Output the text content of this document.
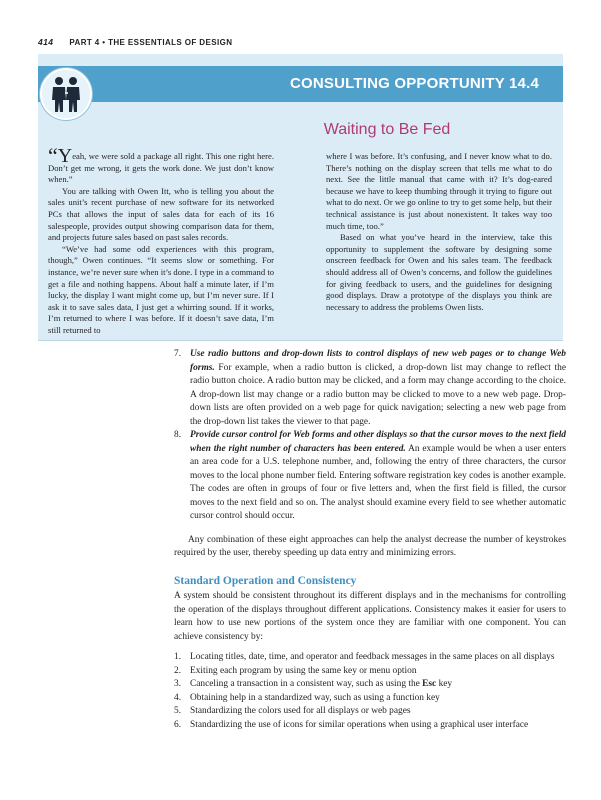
414 PART 4 • THE ESSENTIALS OF DESIGN
CONSULTING OPPORTUNITY 14.4
Waiting to Be Fed

“Yeah, we were sold a package all right. This one right here. Don’t get me wrong, it gets the work done. We just don’t know when.”

You are talking with Owen Itt, who is telling you about the sales unit’s recent purchase of new software for its networked PCs that allows the input of sales data for each of its 16 salespeople, provides output showing comparison data for them, and projects future sales based on past sales records.

“We’ve had some odd experiences with this program, though,” Owen continues. “It seems slow or something. For instance, we’re never sure when it’s done. I type in a command to get a file and nothing happens. About half a minute later, if I’m lucky, the display I want might come up, but I’m never sure. If I ask it to save sales data, I just get a whirring sound. If it works, I’m returned to where I was before. If it doesn’t save data, I’m still returned to

where I was before. It’s confusing, and I never know what to do. There’s nothing on the display screen that tells me what to do next. See the little manual that came with it? It’s dog-eared because we have to keep thumbing through it trying to figure out what to do next. Or we go online to try to get some help, but their technical assistance is just about nonexistent. It takes way too much time, too.”

Based on what you’ve heard in the interview, take this opportunity to supplement the software by designing some onscreen feedback for Owen and his sales team. The feedback should address all of Owen’s concerns, and follow the guidelines for giving feedback to users, and the guidelines for designing good displays. Draw a prototype of the displays you think are necessary to address the problems Owen lists.

7. Use radio buttons and drop-down lists to control displays of new web pages or to change Web forms. For example, when a radio button is clicked, a drop-down list may change to reflect the radio button choice. A radio button may be clicked, and a form may change according to the choice. A drop-down list may change or a radio button may be clicked to move to a new web page. Drop-down lists are often provided on a web page for quick navigation; selecting a new web page from the drop-down list takes the viewer to that page.
8. Provide cursor control for Web forms and other displays so that the cursor moves to the next field when the right number of characters has been entered. An example would be when a user enters an area code for a U.S. telephone number, and, following the entry of three characters, the cursor moves to the local phone number field. Entering software registration key codes is another example. The codes are often in groups of four or five letters and, when the first field is filled, the cursor moves to the next field and so on. The analyst should examine every field to see whether automatic cursor control should occur.

Any combination of these eight approaches can help the analyst decrease the number of keystrokes required by the user, thereby speeding up data entry and minimizing errors.

Standard Operation and Consistency

A system should be consistent throughout its different displays and in the mechanisms for controlling the operation of the displays throughout different applications. Consistency makes it easier for users to learn how to use new portions of the system once they are familiar with one component. You can achieve consistency by:

1. Locating titles, date, time, and operator and feedback messages in the same places on all displays
2. Exiting each program by using the same key or menu option
3. Canceling a transaction in a consistent way, such as using the Esc key
4. Obtaining help in a standardized way, such as using a function key
5. Standardizing the colors used for all displays or web pages
6. Standardizing the use of icons for similar operations when using a graphical user interface
